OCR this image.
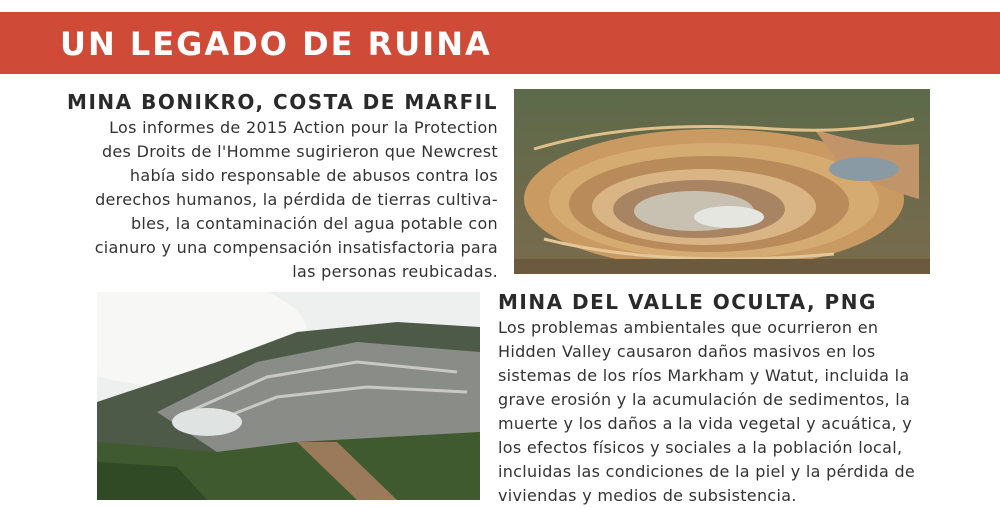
UN LEGADO DE RUINA
MINA BONIKRO, COSTA DE MARFIL

Los informes de 2015 Action pour la Protection
des Droits de l'Homme sugirieron que Newcrest
había sido responsable de abusos contra los
derechos humanos, la pérdida de tierras cultiva-
bles, la contaminación del agua potable con
cianuro y una compensación insatisfactoria para
las personas reubicadas.

MINA DEL VALLE OCULTA, PNG

Los problemas ambientales que ocurrieron en
Hidden Valley causaron daños masivos en los
sistemas de los ríos Markham y Watut, incluida la
grave erosión y la acumulación de sedimentos, la
muerte y los daños a la vida vegetal y acuática, y
los efectos físicos y sociales a la población local,
incluidas las condiciones de la piel y la pérdida de
viviendas y medios de subsistencia.
